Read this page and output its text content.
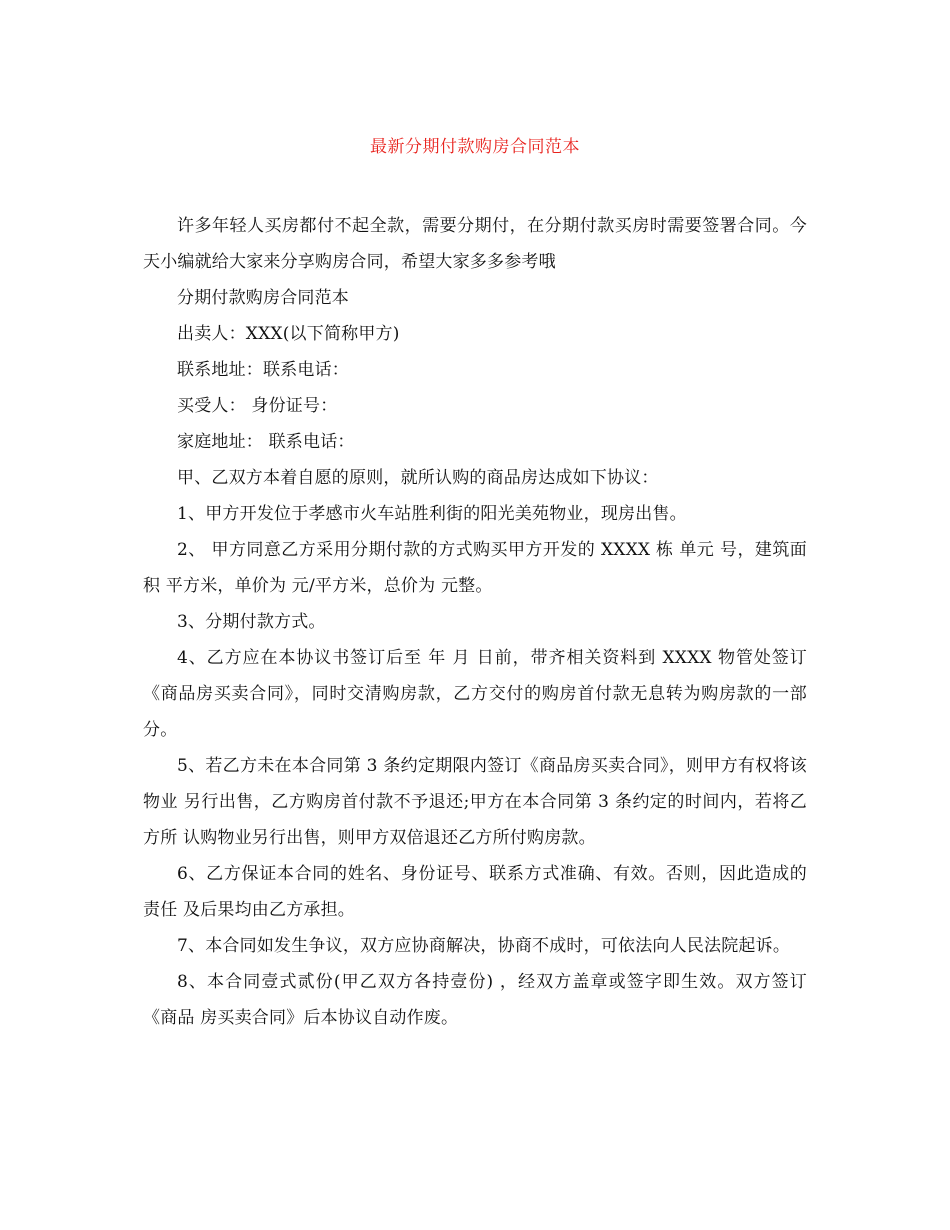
最新分期付款购房合同范本

许多年轻人买房都付不起全款，需要分期付，在分期付款买房时需要签署合同。今天小编就给大家来分享购房合同，希望大家多多参考哦

分期付款购房合同范本

出卖人：XXX(以下简称甲方)

联系地址：联系电话：

买受人： 身份证号：

家庭地址： 联系电话：

甲、乙双方本着自愿的原则，就所认购的商品房达成如下协议：

1、甲方开发位于孝感市火车站胜利街的阳光美苑物业，现房出售。

2、 甲方同意乙方采用分期付款的方式购买甲方开发的 XXXX 栋 单元 号，建筑面积 平方米，单价为 元/平方米，总价为 元整。

3、分期付款方式。

4、乙方应在本协议书签订后至 年 月 日前，带齐相关资料到 XXXX 物管处签订《商品房买卖合同》，同时交清购房款，乙方交付的购房首付款无息转为购房款的一部分。

5、若乙方未在本合同第 3 条约定期限内签订《商品房买卖合同》，则甲方有权将该物业 另行出售，乙方购房首付款不予退还;甲方在本合同第 3 条约定的时间内，若将乙方所 认购物业另行出售，则甲方双倍退还乙方所付购房款。

6、乙方保证本合同的姓名、身份证号、联系方式准确、有效。否则，因此造成的责任 及后果均由乙方承担。

7、本合同如发生争议，双方应协商解决，协商不成时，可依法向人民法院起诉。

8、本合同壹式贰份(甲乙双方各持壹份) ，经双方盖章或签字即生效。双方签订《商品 房买卖合同》后本协议自动作废。
